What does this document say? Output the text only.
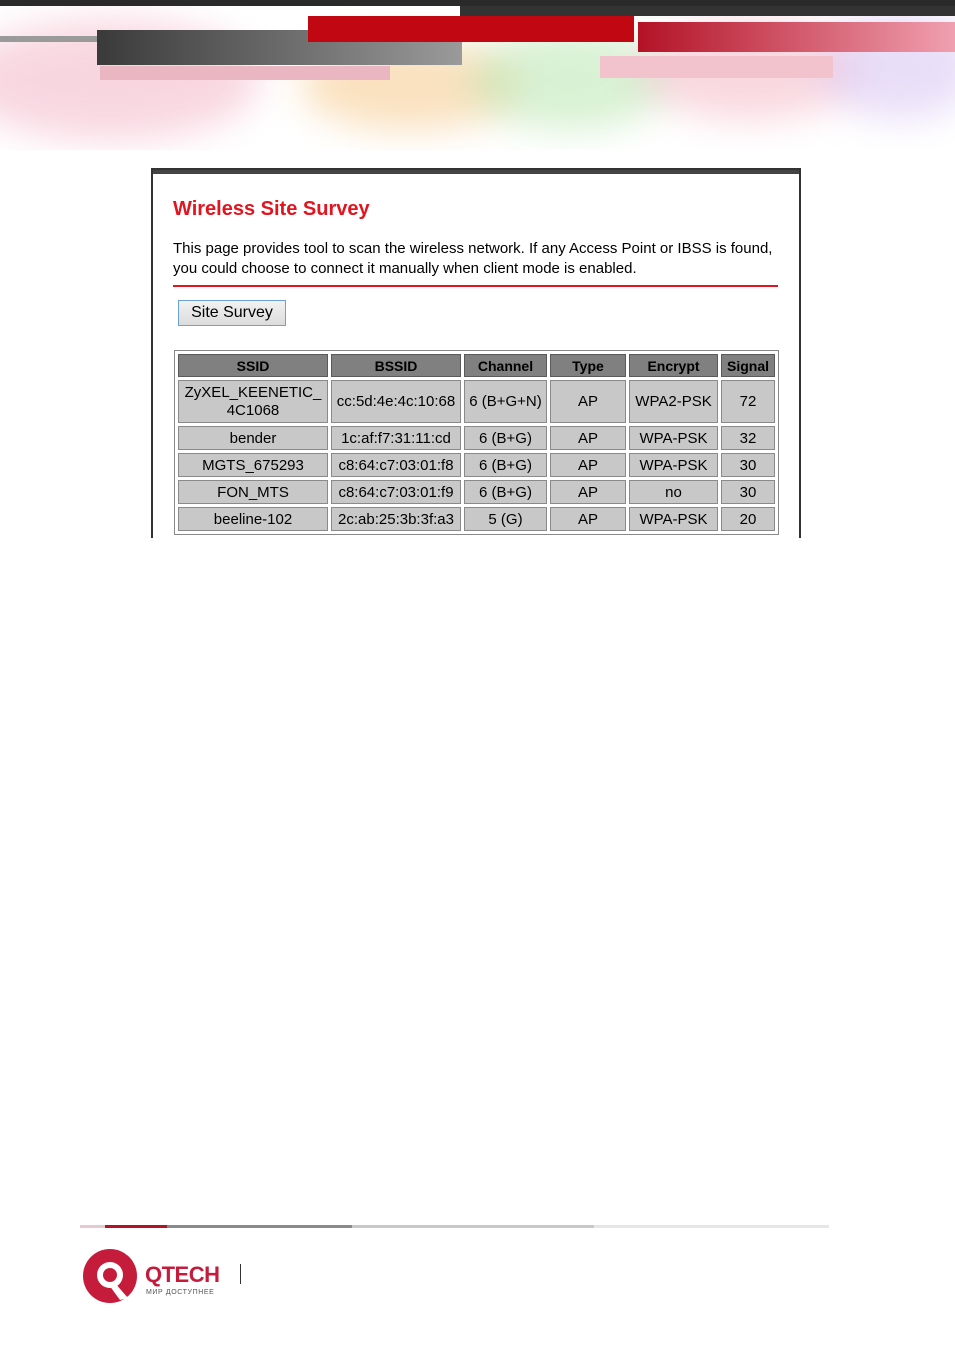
Wireless Site Survey

This page provides tool to scan the wireless network. If any Access Point or IBSS is found, you could choose to connect it manually when client mode is enabled.

Site Survey
SSID	BSSID	Channel	Type	Encrypt	Signal
ZyXEL_KEENETIC_
4C1068	cc:5d:4e:4c:10:68	6 (B+G+N)	AP	WPA2-PSK	72
bender	1c:af:f7:31:11:cd	6 (B+G)	AP	WPA-PSK	32
MGTS_675293	c8:64:c7:03:01:f8	6 (B+G)	AP	WPA-PSK	30
FON_MTS	c8:64:c7:03:01:f9	6 (B+G)	AP	no	30
beeline-102	2c:ab:25:3b:3f:a3	5 (G)	AP	WPA-PSK	20
QTECH
МИР ДОСТУПНЕЕ
